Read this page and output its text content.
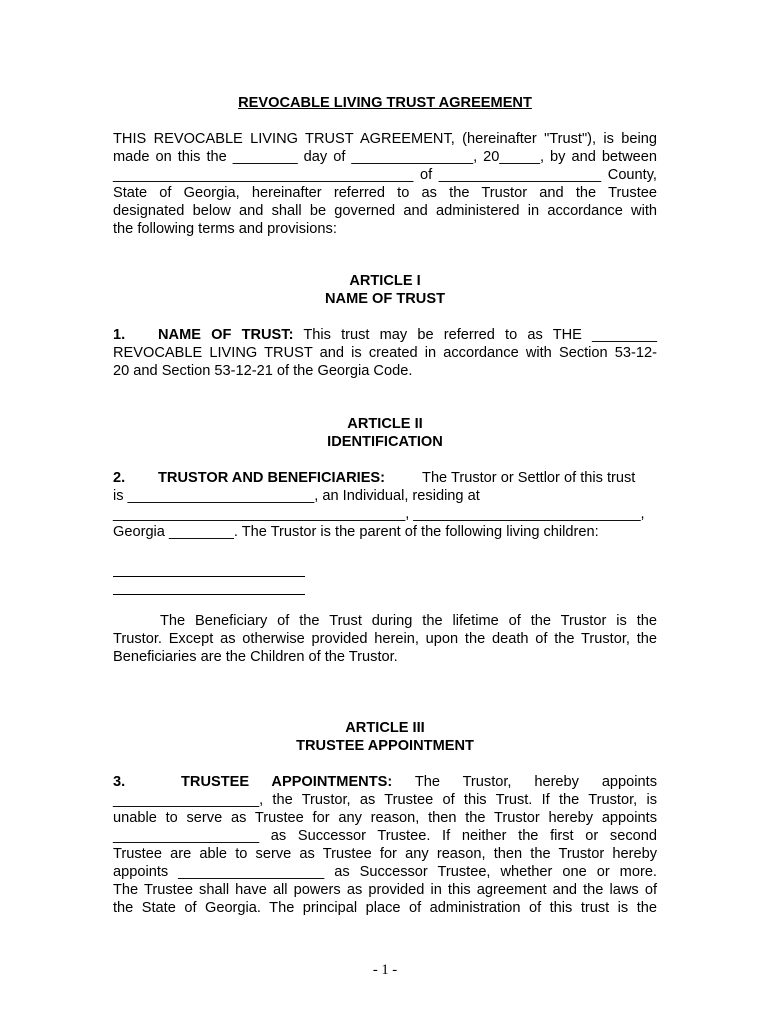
REVOCABLE LIVING TRUST AGREEMENT
THIS REVOCABLE LIVING TRUST AGREEMENT, (hereinafter "Trust"), is being
made on this the ________ day of _______________, 20_____, by and between
_____________________________________ of ____________________ County,
State of Georgia, hereinafter referred to as the Trustor and the Trustee
designated below and shall be governed and administered in accordance with
the following terms and provisions:
ARTICLE I
NAME OF TRUST
1. NAME OF TRUST: This trust may be referred to as THE ________
REVOCABLE LIVING TRUST and is created in accordance with Section 53-12-
20 and Section 53-12-21 of the Georgia Code.
ARTICLE II
IDENTIFICATION
2. TRUSTOR AND BENEFICIARIES:	The Trustor or Settlor of this trust
is _______________________, an Individual, residing at
____________________________________, ____________________________,
Georgia ________. The Trustor is the parent of the following living children:
The Beneficiary of the Trust during the lifetime of the Trustor is the
Trustor. Except as otherwise provided herein, upon the death of the Trustor, the
Beneficiaries are the Children of the Trustor.
ARTICLE III
TRUSTEE APPOINTMENT
3.	TRUSTEE APPOINTMENTS: The Trustor, hereby appoints
__________________, the Trustor, as Trustee of this Trust. If the Trustor, is
unable to serve as Trustee for any reason, then the Trustor hereby appoints
__________________ as Successor Trustee. If neither the first or second
Trustee are able to serve as Trustee for any reason, then the Trustor hereby
appoints __________________ as Successor Trustee, whether one or more.
The Trustee shall have all powers as provided in this agreement and the laws of
the State of Georgia. The principal place of administration of this trust is the
- 1 -
